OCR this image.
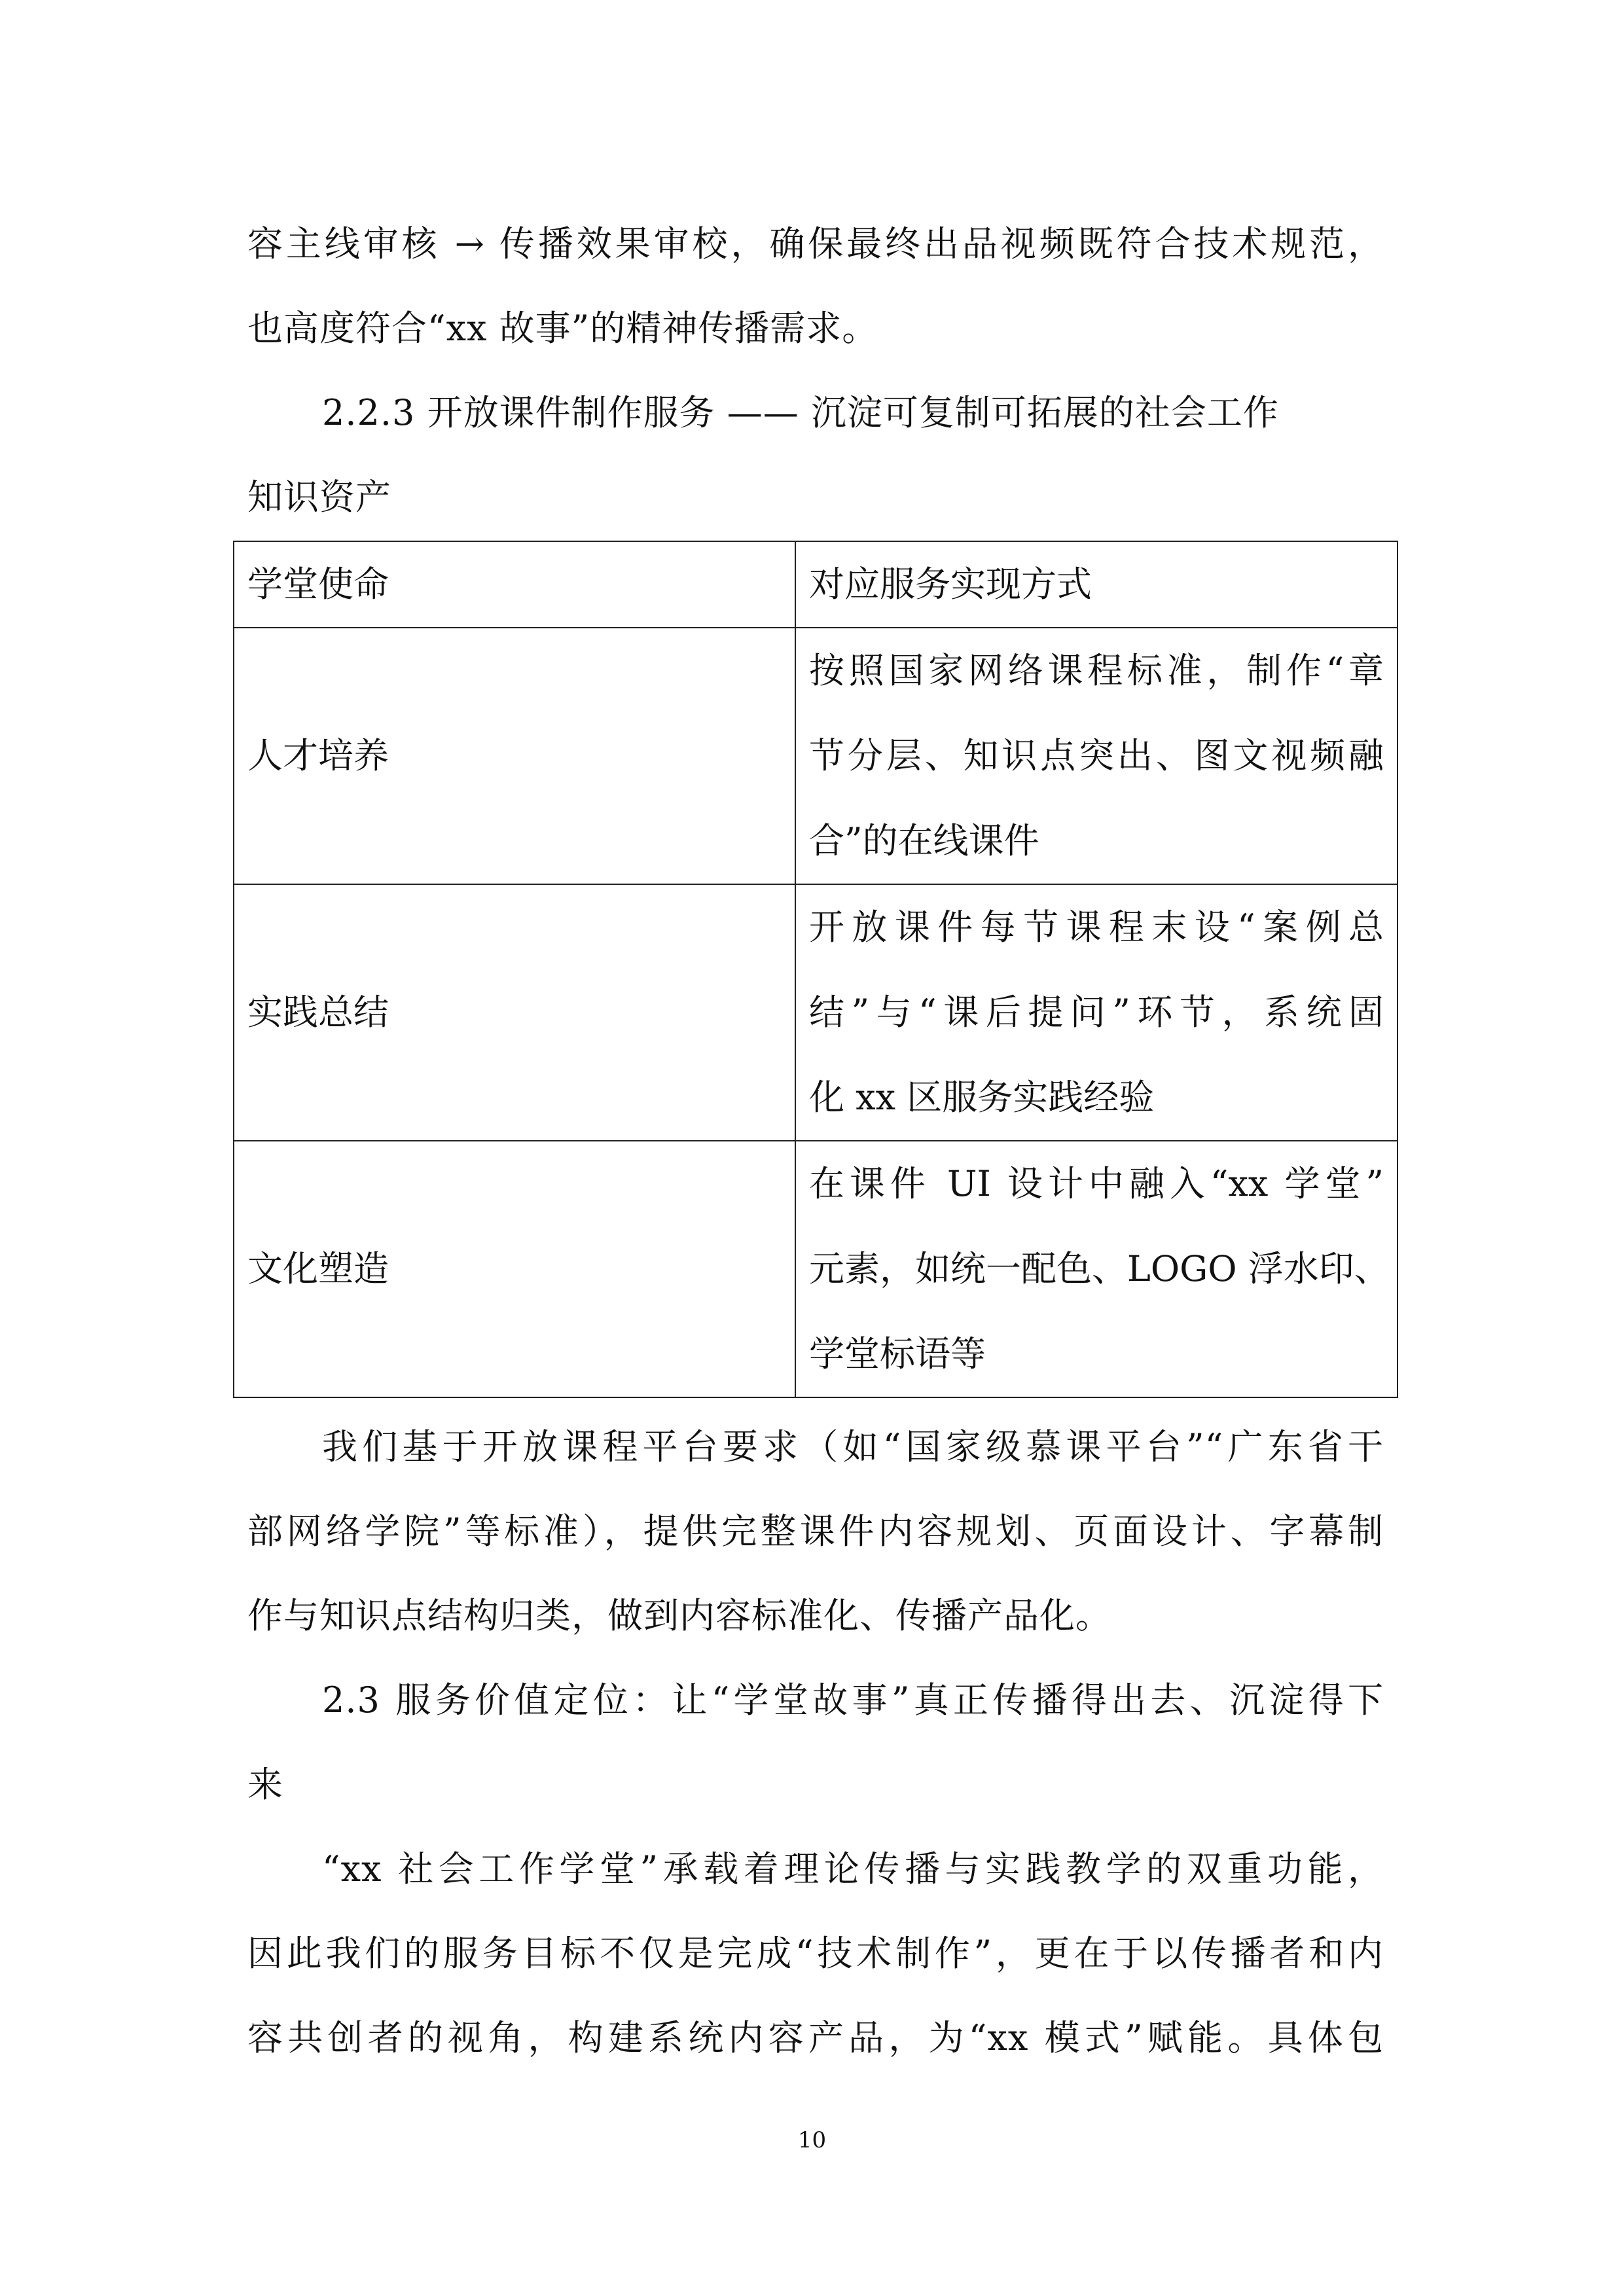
容主线审核 → 传播效果审校，确保最终出品视频既符合技术规范，
也高度符合“xx 故事”的精神传播需求。
2.2.3 开放课件制作服务 —— 沉淀可复制可拓展的社会工作
知识资产
学堂使命	对应服务实现方式
人才培养	按照国家网络课程标准，制作“章
节分层、知识点突出、图文视频融
合”的在线课件

实践总结	开放课件每节课程末设“案例总
结”与“课后提问”环节，系统固
化 xx 区服务实践经验

文化塑造	在课件 UI 设计中融入“xx 学堂”
元素，如统一配色、LOGO 浮水印、
学堂标语等
我们基于开放课程平台要求（如“国家级慕课平台”“广东省干
部网络学院”等标准），提供完整课件内容规划、页面设计、字幕制
作与知识点结构归类，做到内容标准化、传播产品化。
2.3 服务价值定位：让“学堂故事”真正传播得出去、沉淀得下
来
“xx 社会工作学堂”承载着理论传播与实践教学的双重功能，
因此我们的服务目标不仅是完成“技术制作”，更在于以传播者和内
容共创者的视角，构建系统内容产品，为“xx 模式”赋能。具体包
10
